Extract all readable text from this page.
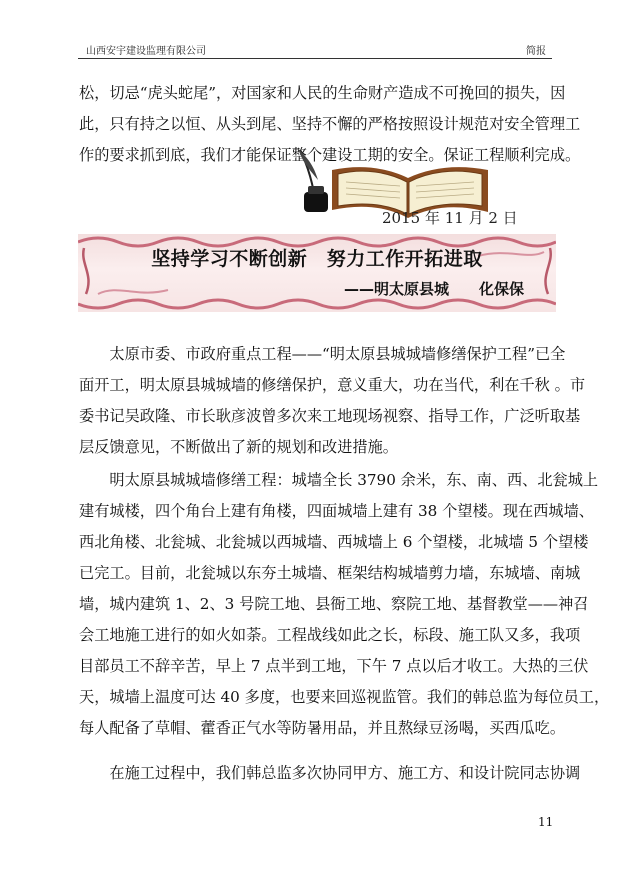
山西安宇建设监理有限公司	简报
松，切忌“虎头蛇尾”，对国家和人民的生命财产造成不可挽回的损失，因
此，只有持之以恒、从头到尾、坚持不懈的严格按照设计规范对安全管理工
作的要求抓到底，我们才能保证整个建设工期的安全。保证工程顺利完成。
2015 年 11 月 2 日
坚持学习不断创新　努力工作开拓进取
——明太原县城　　化保保
　　太原市委、市政府重点工程——“明太原县城城墙修缮保护工程”已全
面开工，明太原县城城墙的修缮保护，意义重大，功在当代，利在千秋 。市
委书记吴政隆、市长耿彦波曾多次来工地现场视察、指导工作，广泛听取基
层反馈意见，不断做出了新的规划和改进措施。
　　明太原县城城墙修缮工程：城墙全长 3790 余米，东、南、西、北瓮城上
建有城楼，四个角台上建有角楼，四面城墙上建有 38 个望楼。现在西城墙、
西北角楼、北瓮城、北瓮城以西城墙、西城墙上 6 个望楼，北城墙 5 个望楼
已完工。目前，北瓮城以东夯土城墙、框架结构城墙剪力墙，东城墙、南城
墙，城内建筑 1、2、3 号院工地、县衙工地、察院工地、基督教堂——神召
会工地施工进行的如火如荼。工程战线如此之长，标段、施工队又多，我项
目部员工不辞辛苦，早上 7 点半到工地，下午 7 点以后才收工。大热的三伏
天，城墙上温度可达 40 多度，也要来回巡视监管。我们的韩总监为每位员工，
每人配备了草帽、藿香正气水等防暑用品，并且熬绿豆汤喝，买西瓜吃。
　　在施工过程中，我们韩总监多次协同甲方、施工方、和设计院同志协调
11
